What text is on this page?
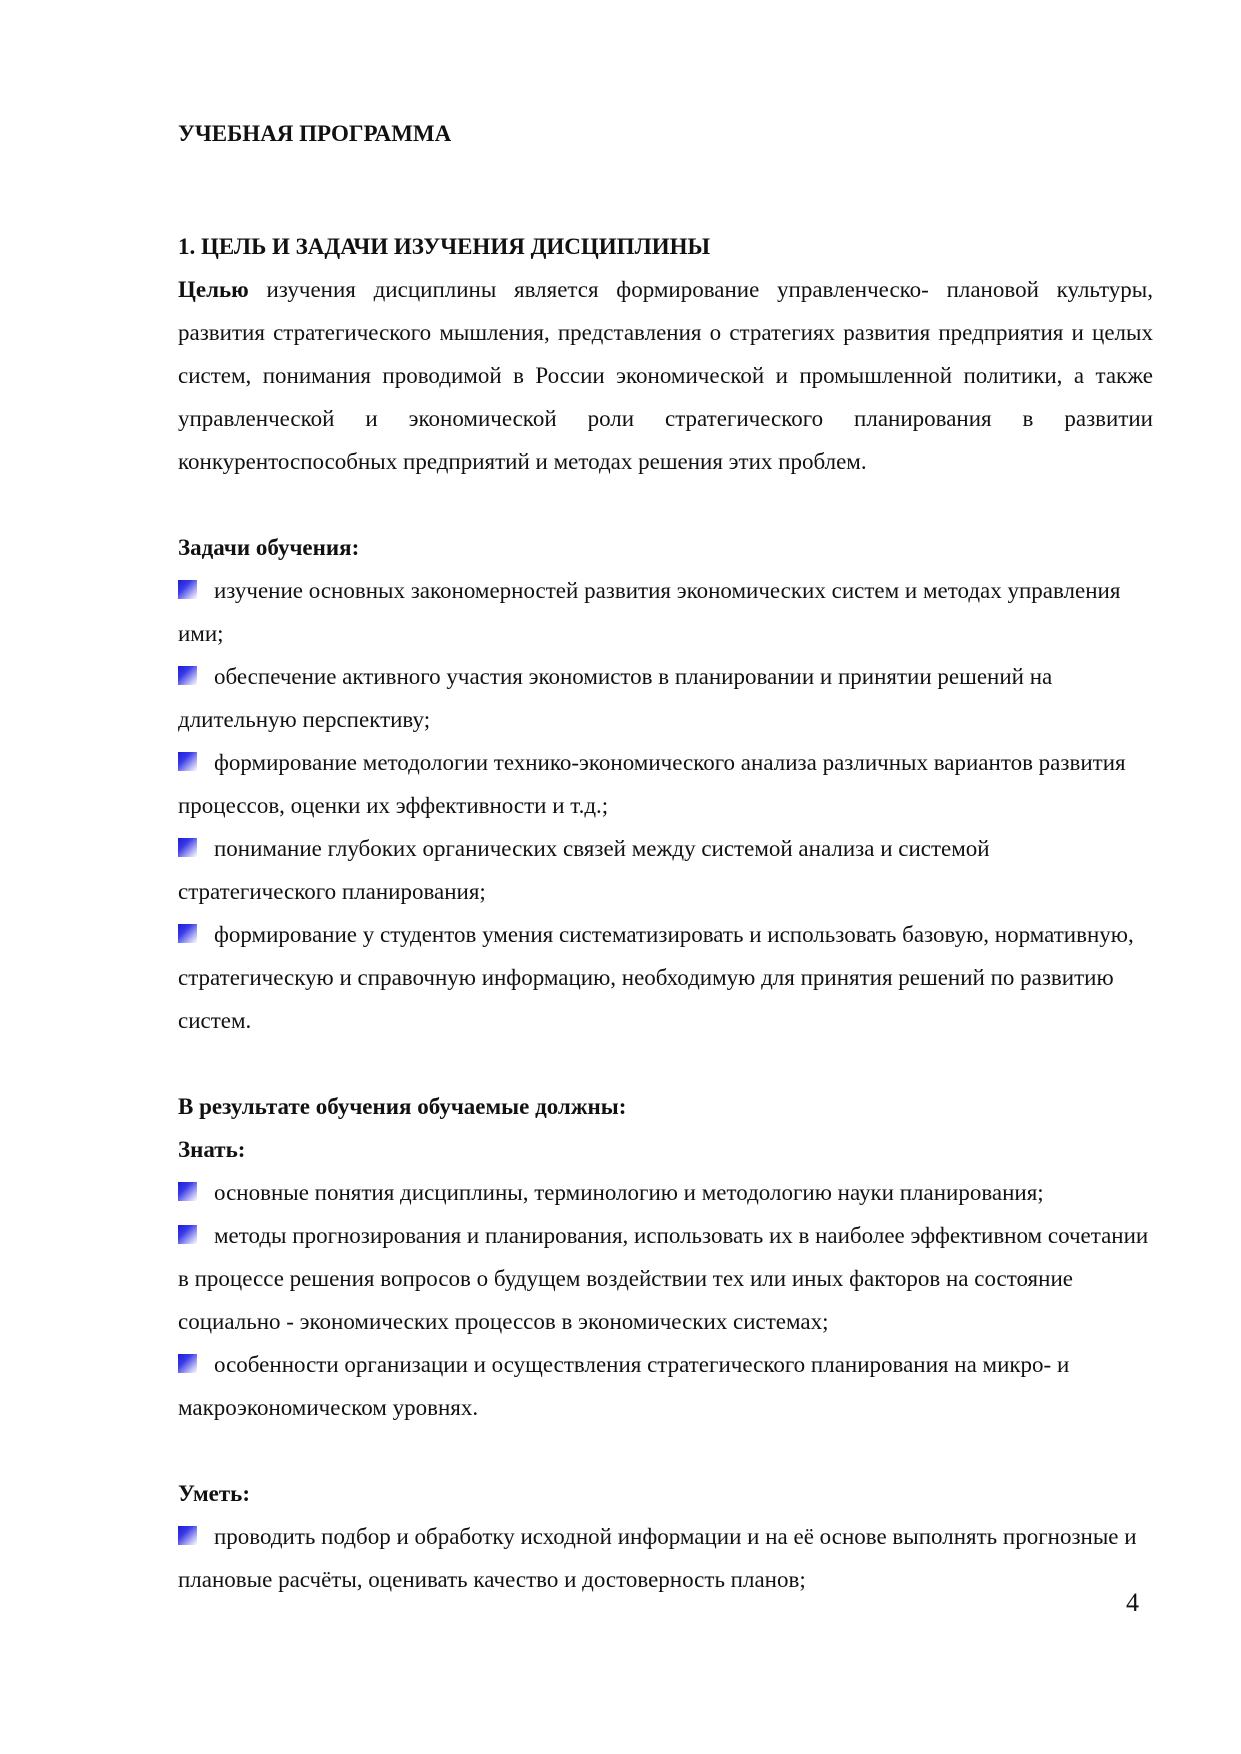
УЧЕБНАЯ ПРОГРАММА

1. ЦЕЛЬ И ЗАДАЧИ ИЗУЧЕНИЯ ДИСЦИПЛИНЫ

Целью изучения дисциплины является формирование управленческо- плановой культуры, развития стратегического мышления, представления о стратегиях развития предприятия и целых систем, понимания проводимой в России экономической и промышленной политики, а также управленческой и экономической роли стратегического планирования в развитии конкурентоспособных предприятий и методах решения этих проблем.

Задачи обучения:

изучение основных закономерностей развития экономических систем и методах управления ими;

обеспечение активного участия экономистов в планировании и принятии решений на длительную перспективу;

формирование методологии технико-экономического анализа различных вариантов развития процессов, оценки их эффективности и т.д.;

понимание глубоких органических связей между системой анализа и системой стратегического планирования;

формирование у студентов умения систематизировать и использовать базовую, нормативную, стратегическую и справочную информацию, необходимую для принятия решений по развитию систем.

В результате обучения обучаемые должны:

Знать:

основные понятия дисциплины, терминологию и методологию науки планирования;

методы прогнозирования и планирования, использовать их в наиболее эффективном сочетании в процессе решения вопросов о будущем воздействии тех или иных факторов на состояние социально - экономических процессов в экономических системах;

особенности организации и осуществления стратегического планирования на микро- и макроэкономическом уровнях.

Уметь:

проводить подбор и обработку исходной информации и на её основе выполнять прогнозные и плановые расчёты, оценивать качество и достоверность планов;

4
